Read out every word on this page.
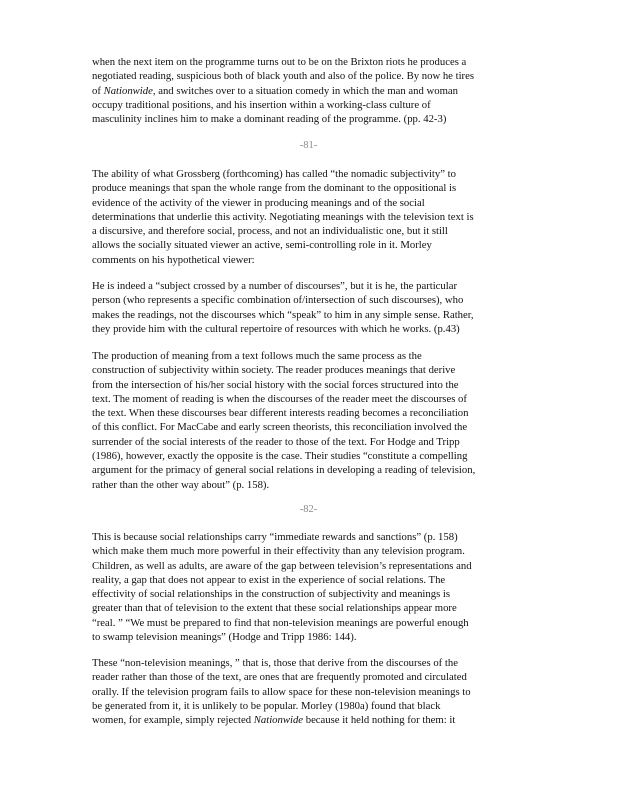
when the next item on the programme turns out to be on the Brixton riots he produces a
negotiated reading, suspicious both of black youth and also of the police. By now he tires
of Nationwide, and switches over to a situation comedy in which the man and woman
occupy traditional positions, and his insertion within a working-class culture of
masculinity inclines him to make a dominant reading of the programme. (pp. 42-3)

-81-

The ability of what Grossberg (forthcoming) has called “the nomadic subjectivity” to
produce meanings that span the whole range from the dominant to the oppositional is
evidence of the activity of the viewer in producing meanings and of the social
determinations that underlie this activity. Negotiating meanings with the television text is
a discursive, and therefore social, process, and not an individualistic one, but it still
allows the socially situated viewer an active, semi-controlling role in it. Morley
comments on his hypothetical viewer:

He is indeed a “subject crossed by a number of discourses”, but it is he, the particular
person (who represents a specific combination of/intersection of such discourses), who
makes the readings, not the discourses which “speak” to him in any simple sense. Rather,
they provide him with the cultural repertoire of resources with which he works. (p.43)

The production of meaning from a text follows much the same process as the
construction of subjectivity within society. The reader produces meanings that derive
from the intersection of his/her social history with the social forces structured into the
text. The moment of reading is when the discourses of the reader meet the discourses of
the text. When these discourses bear different interests reading becomes a reconciliation
of this conflict. For MacCabe and early screen theorists, this reconciliation involved the
surrender of the social interests of the reader to those of the text. For Hodge and Tripp
(1986), however, exactly the opposite is the case. Their studies “constitute a compelling
argument for the primacy of general social relations in developing a reading of television,
rather than the other way about” (p. 158).

-82-

This is because social relationships carry “immediate rewards and sanctions” (p. 158)
which make them much more powerful in their effectivity than any television program.
Children, as well as adults, are aware of the gap between television’s representations and
reality, a gap that does not appear to exist in the experience of social relations. The
effectivity of social relationships in the construction of subjectivity and meanings is
greater than that of television to the extent that these social relationships appear more
“real. ” “We must be prepared to find that non-television meanings are powerful enough
to swamp television meanings” (Hodge and Tripp 1986: 144).

These “non-television meanings, ” that is, those that derive from the discourses of the
reader rather than those of the text, are ones that are frequently promoted and circulated
orally. If the television program fails to allow space for these non-television meanings to
be generated from it, it is unlikely to be popular. Morley (1980a) found that black
women, for example, simply rejected Nationwide because it held nothing for them: it
